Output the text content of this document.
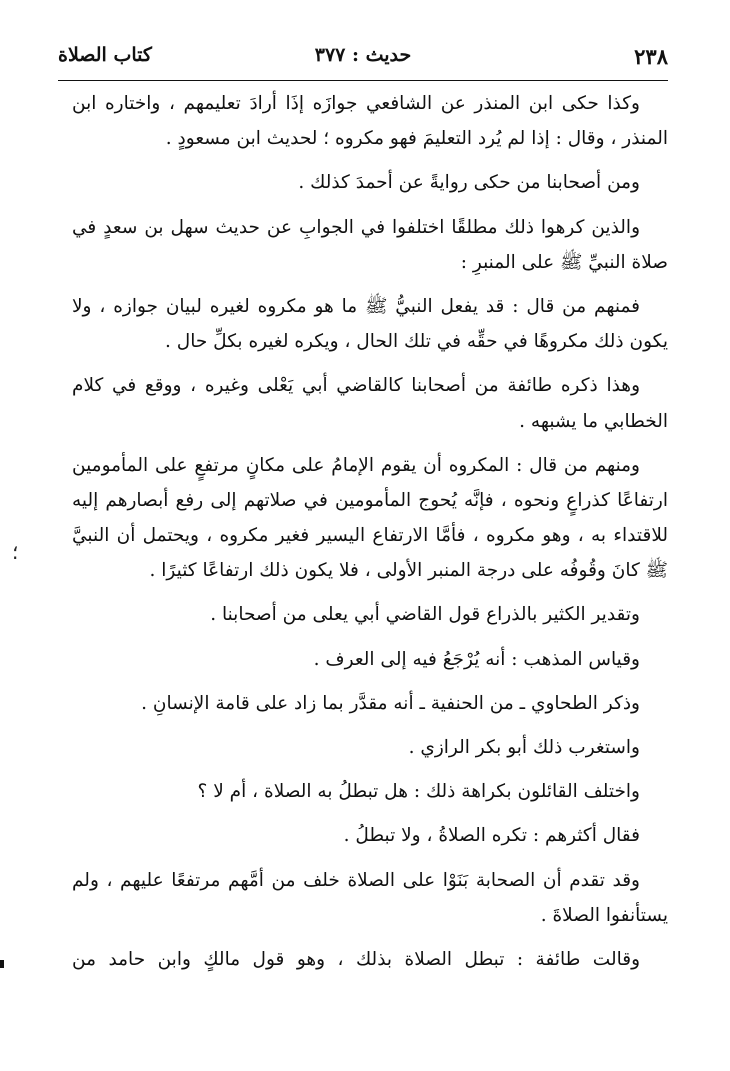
٢٣٨
حديث : ٣٧٧
كتاب الصلاة
وكذا حكى ابن المنذر عن الشافعي جوازَه إذَا أرادَ تعليمهم ، واختاره ابن
المنذر ، وقال : إذا لم يُرد التعليمَ فهو مكروه ؛ لحديث ابن مسعودٍ .
ومن أصحابنا من حكى روايةً عن أحمدَ كذلك .
والذين كرهوا ذلك مطلقًا اختلفوا في الجوابِ عن حديث سهل بن سعدٍ في
صلاة النبيِّ ﷺ على المنبرِ :
فمنهم من قال : قد يفعل النبيُّ ﷺ ما هو مكروه لغيره لبيان جوازه ، ولا
يكون ذلك مكروهًا في حقِّه في تلك الحال ، ويكره لغيره بكلِّ حال .
وهذا ذكره طائفة من أصحابنا كالقاضي أبي يَعْلى وغيره ، ووقع في كلام
الخطابي ما يشبهه .
ومنهم من قال : المكروه أن يقوم الإمامُ على مكانٍ مرتفعٍ على المأمومين
ارتفاعًا كذراعٍ ونحوه ، فإنَّه يُحوج المأمومين في صلاتهم إلى رفع أبصارهم إليه
للاقتداء به ، وهو مكروه ، فأمَّا الارتفاع اليسير فغير مكروه ، ويحتمل أن النبيَّ
ﷺ كانَ وقُوفُه على درجة المنبر الأولى ، فلا يكون ذلك ارتفاعًا كثيرًا .
وتقدير الكثير بالذراع قول القاضي أبي يعلى من أصحابنا .
وقياس المذهب : أنه يُرْجَعُ فيه إلى العرف .
وذكر الطحاوي ـ من الحنفية ـ أنه مقدَّر بما زاد على قامة الإنسانِ .
واستغرب ذلك أبو بكر الرازي .
واختلف القائلون بكراهة ذلك : هل تبطلُ به الصلاة ، أم لا ؟
فقال أكثرهم : تكره الصلاةُ ، ولا تبطلُ .
وقد تقدم أن الصحابة بَنَوْا على الصلاة خلف من أمَّهم مرتفعًا عليهم ، ولم
يستأنفوا الصلاةَ .
وقالت طائفة : تبطل الصلاة بذلك ، وهو قول مالكٍ وابن حامد من
؛
